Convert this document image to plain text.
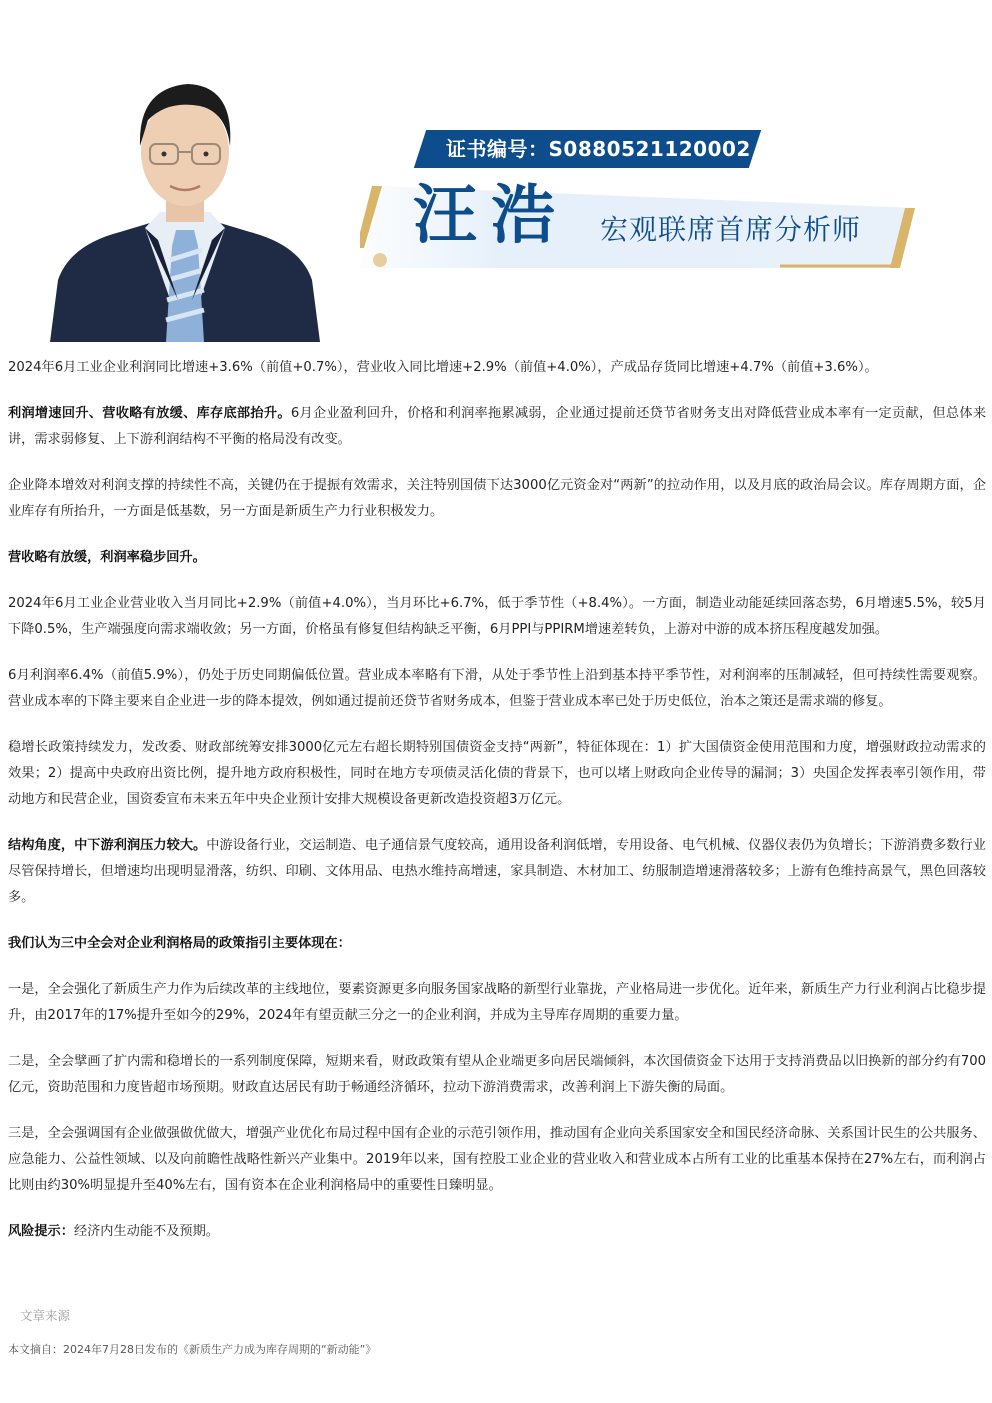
证书编号：S0880521120002
汪浩 宏观联席首席分析师

2024年6月工业企业利润同比增速+3.6%（前值+0.7%），营业收入同比增速+2.9%（前值+4.0%），产成品存货同比增速+4.7%（前值+3.6%）。

利润增速回升、营收略有放缓、库存底部抬升。6月企业盈利回升，价格和利润率拖累减弱，企业通过提前还贷节省财务支出对降低营业成本率有一定贡献，但总体来讲，需求弱修复、上下游利润结构不平衡的格局没有改变。

企业降本增效对利润支撑的持续性不高，关键仍在于提振有效需求，关注特别国债下达3000亿元资金对“两新”的拉动作用，以及月底的政治局会议。库存周期方面，企业库存有所抬升，一方面是低基数，另一方面是新质生产力行业积极发力。

营收略有放缓，利润率稳步回升。

2024年6月工业企业营业收入当月同比+2.9%（前值+4.0%），当月环比+6.7%，低于季节性（+8.4%）。一方面，制造业动能延续回落态势，6月增速5.5%，较5月下降0.5%，生产端强度向需求端收敛；另一方面，价格虽有修复但结构缺乏平衡，6月PPI与PPIRM增速差转负，上游对中游的成本挤压程度越发加强。

6月利润率6.4%（前值5.9%），仍处于历史同期偏低位置。营业成本率略有下滑，从处于季节性上沿到基本持平季节性，对利润率的压制减轻，但可持续性需要观察。营业成本率的下降主要来自企业进一步的降本提效，例如通过提前还贷节省财务成本，但鉴于营业成本率已处于历史低位，治本之策还是需求端的修复。

稳增长政策持续发力，发改委、财政部统筹安排3000亿元左右超长期特别国债资金支持“两新”，特征体现在：1）扩大国债资金使用范围和力度，增强财政拉动需求的效果；2）提高中央政府出资比例，提升地方政府积极性，同时在地方专项债灵活化债的背景下，也可以堵上财政向企业传导的漏洞；3）央国企发挥表率引领作用，带动地方和民营企业，国资委宣布未来五年中央企业预计安排大规模设备更新改造投资超3万亿元。

结构角度，中下游利润压力较大。中游设备行业，交运制造、电子通信景气度较高，通用设备利润低增，专用设备、电气机械、仪器仪表仍为负增长；下游消费多数行业尽管保持增长，但增速均出现明显滑落，纺织、印刷、文体用品、电热水维持高增速，家具制造、木材加工、纺服制造增速滑落较多；上游有色维持高景气，黑色回落较多。

我们认为三中全会对企业利润格局的政策指引主要体现在：

一是，全会强化了新质生产力作为后续改革的主线地位，要素资源更多向服务国家战略的新型行业靠拢，产业格局进一步优化。近年来，新质生产力行业利润占比稳步提升，由2017年的17%提升至如今的29%，2024年有望贡献三分之一的企业利润，并成为主导库存周期的重要力量。

二是，全会擘画了扩内需和稳增长的一系列制度保障，短期来看，财政政策有望从企业端更多向居民端倾斜，本次国债资金下达用于支持消费品以旧换新的部分约有700亿元，资助范围和力度皆超市场预期。财政直达居民有助于畅通经济循环，拉动下游消费需求，改善利润上下游失衡的局面。

三是，全会强调国有企业做强做优做大，增强产业优化布局过程中国有企业的示范引领作用，推动国有企业向关系国家安全和国民经济命脉、关系国计民生的公共服务、应急能力、公益性领域、以及向前瞻性战略性新兴产业集中。2019年以来，国有控股工业企业的营业收入和营业成本占所有工业的比重基本保持在27%左右，而利润占比则由约30%明显提升至40%左右，国有资本在企业利润格局中的重要性日臻明显。

风险提示：经济内生动能不及预期。

文章来源
本文摘自：2024年7月28日发布的《新质生产力成为库存周期的“新动能”》
